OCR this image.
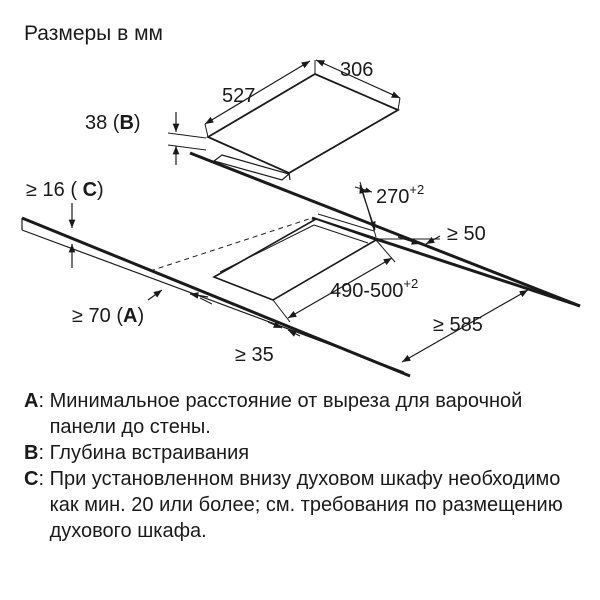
Размеры в мм
527
306
38 (B)
$270^{+2}$
≥ 50
$490-500^{+2}$
≥ 585
≥ 35
≥ 70 (A)
≥ 16 ( C)
A : Минимальное расстояние от выреза для варочной панели до стены.
B : Глубина встраивания
C : При установленном внизу духовом шкафу необходимо как мин. 20 или более; см. требования по размещению духового шкафа.
